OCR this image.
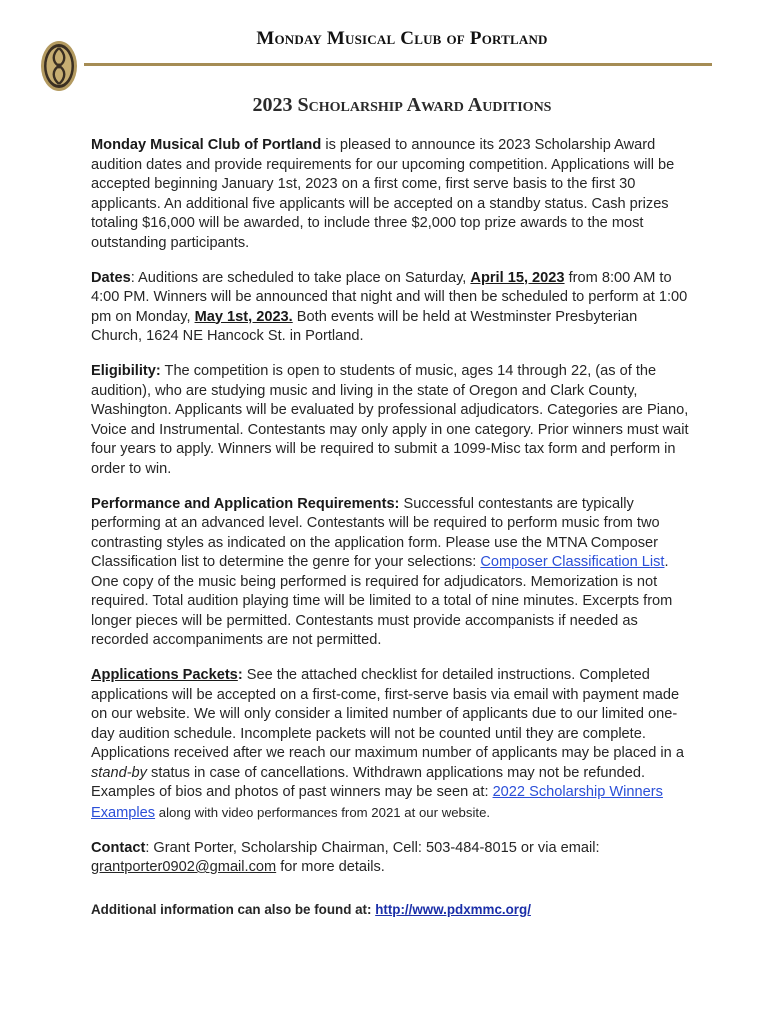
Monday Musical Club of Portland
2023 Scholarship Award Auditions

Monday Musical Club of Portland is pleased to announce its 2023 Scholarship Award audition dates and provide requirements for our upcoming competition. Applications will be accepted beginning January 1st, 2023 on a first come, first serve basis to the first 30 applicants. An additional five applicants will be accepted on a standby status. Cash prizes totaling $16,000 will be awarded, to include three $2,000 top prize awards to the most outstanding participants.

Dates: Auditions are scheduled to take place on Saturday, April 15, 2023 from 8:00 AM to 4:00 PM. Winners will be announced that night and will then be scheduled to perform at 1:00 pm on Monday, May 1st, 2023. Both events will be held at Westminster Presbyterian Church, 1624 NE Hancock St. in Portland.

Eligibility: The competition is open to students of music, ages 14 through 22, (as of the audition), who are studying music and living in the state of Oregon and Clark County, Washington. Applicants will be evaluated by professional adjudicators. Categories are Piano, Voice and Instrumental. Contestants may only apply in one category. Prior winners must wait four years to apply. Winners will be required to submit a 1099-Misc tax form and perform in order to win.

Performance and Application Requirements: Successful contestants are typically performing at an advanced level. Contestants will be required to perform music from two contrasting styles as indicated on the application form. Please use the MTNA Composer Classification list to determine the genre for your selections: Composer Classification List. One copy of the music being performed is required for adjudicators. Memorization is not required. Total audition playing time will be limited to a total of nine minutes. Excerpts from longer pieces will be permitted. Contestants must provide accompanists if needed as recorded accompaniments are not permitted.

Applications Packets: See the attached checklist for detailed instructions. Completed applications will be accepted on a first-come, first-serve basis via email with payment made on our website. We will only consider a limited number of applicants due to our limited one-day audition schedule. Incomplete packets will not be counted until they are complete. Applications received after we reach our maximum number of applicants may be placed in a stand-by status in case of cancellations. Withdrawn applications may not be refunded. Examples of bios and photos of past winners may be seen at: 2022 Scholarship Winners Examples along with video performances from 2021 at our website.

Contact: Grant Porter, Scholarship Chairman, Cell: 503-484-8015 or via email: grantporter0902@gmail.com for more details.

Additional information can also be found at: http://www.pdxmmc.org/
